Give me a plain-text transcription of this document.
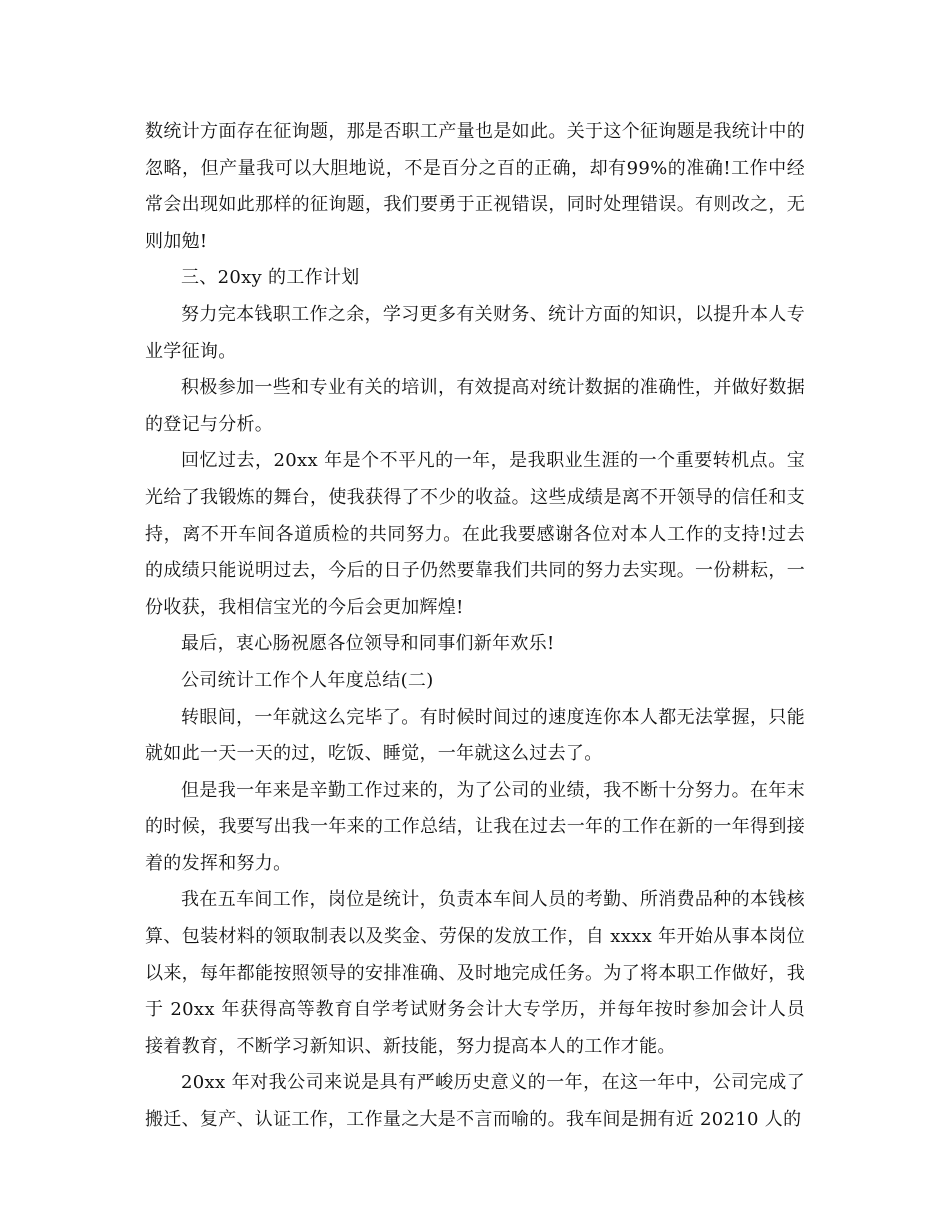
数统计方面存在征询题，那是否职工产量也是如此。关于这个征询题是我统计中的忽略，但产量我可以大胆地说，不是百分之百的正确，却有99%的准确!工作中经常会出现如此那样的征询题，我们要勇于正视错误，同时处理错误。有则改之，无则加勉!

三、20xy 的工作计划

努力完本钱职工作之余，学习更多有关财务、统计方面的知识，以提升本人专业学征询。

积极参加一些和专业有关的培训，有效提高对统计数据的准确性，并做好数据的登记与分析。

回忆过去，20xx 年是个不平凡的一年，是我职业生涯的一个重要转机点。宝光给了我锻炼的舞台，使我获得了不少的收益。这些成绩是离不开领导的信任和支持，离不开车间各道质检的共同努力。在此我要感谢各位对本人工作的支持!过去的成绩只能说明过去，今后的日子仍然要靠我们共同的努力去实现。一份耕耘，一份收获，我相信宝光的今后会更加辉煌!

最后，衷心肠祝愿各位领导和同事们新年欢乐!

公司统计工作个人年度总结(二)

转眼间，一年就这么完毕了。有时候时间过的速度连你本人都无法掌握，只能就如此一天一天的过，吃饭、睡觉，一年就这么过去了。

但是我一年来是辛勤工作过来的，为了公司的业绩，我不断十分努力。在年末的时候，我要写出我一年来的工作总结，让我在过去一年的工作在新的一年得到接着的发挥和努力。

我在五车间工作，岗位是统计，负责本车间人员的考勤、所消费品种的本钱核算、包装材料的领取制表以及奖金、劳保的发放工作，自 xxxx 年开始从事本岗位以来，每年都能按照领导的安排准确、及时地完成任务。为了将本职工作做好，我于 20xx 年获得高等教育自学考试财务会计大专学历，并每年按时参加会计人员接着教育，不断学习新知识、新技能，努力提高本人的工作才能。

20xx 年对我公司来说是具有严峻历史意义的一年，在这一年中，公司完成了搬迁、复产、认证工作，工作量之大是不言而喻的。我车间是拥有近 20210 人的
